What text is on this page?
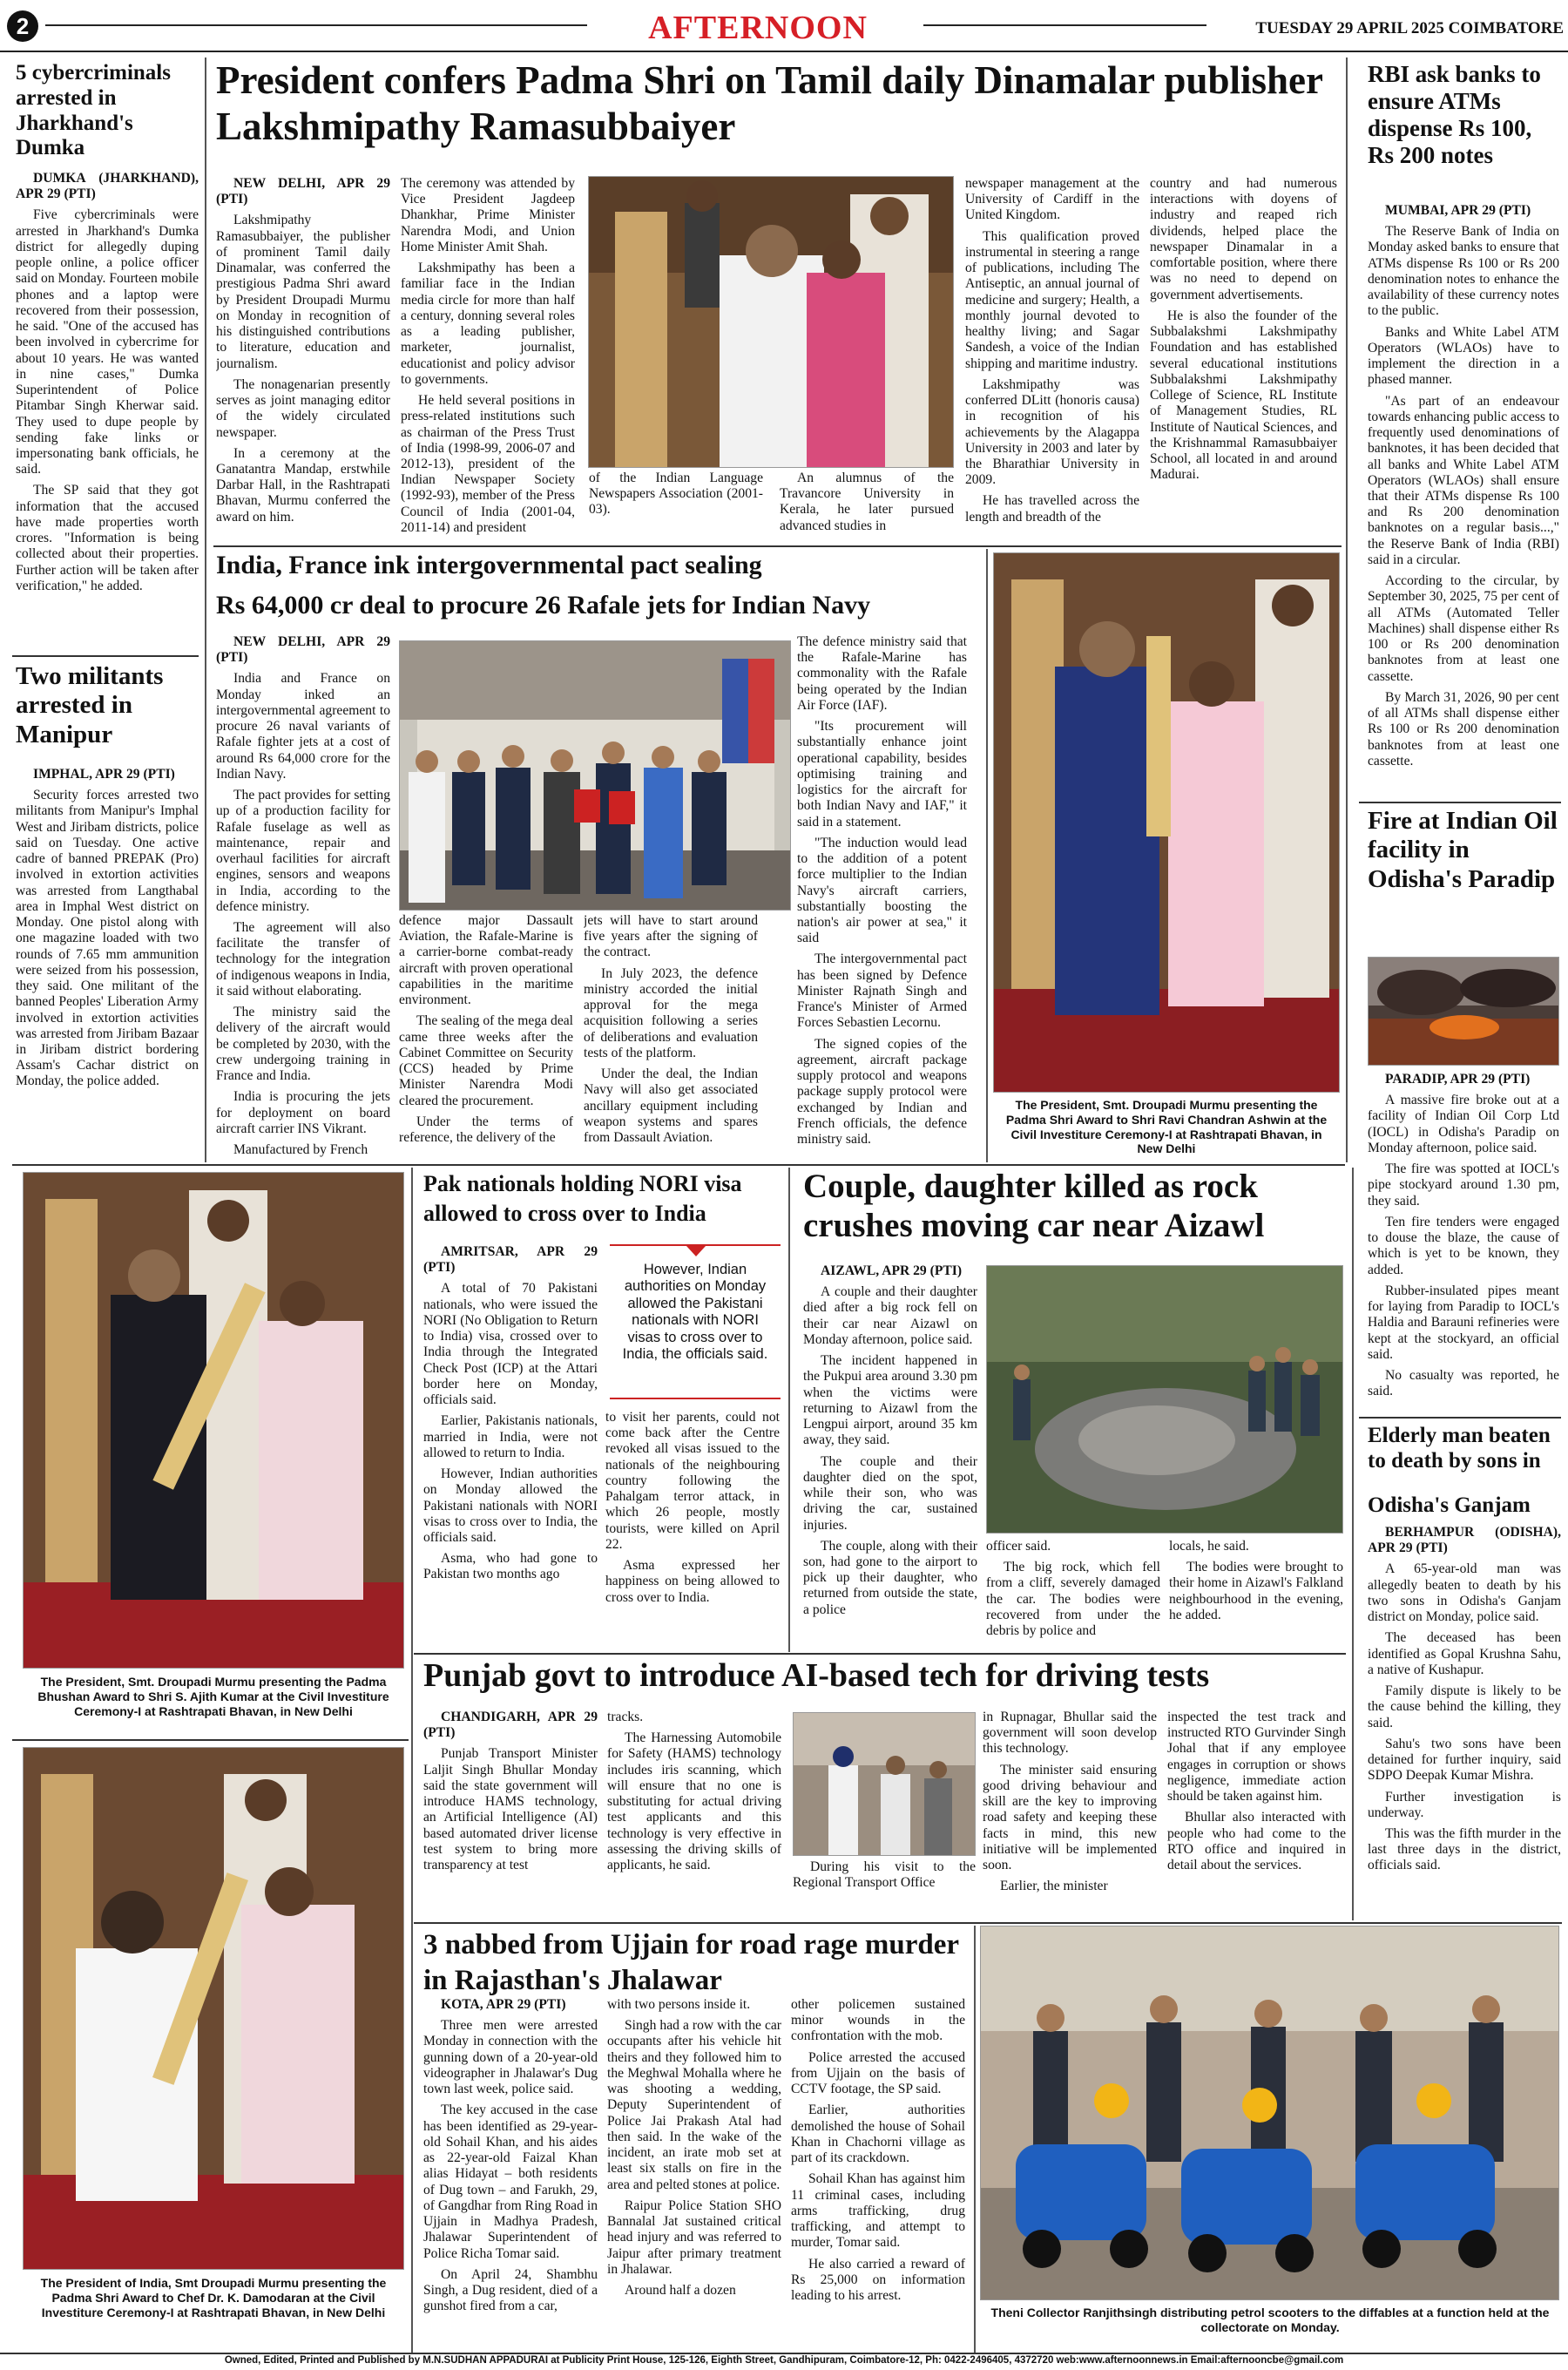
2	AFTERNOON	TUESDAY 29 APRIL 2025 COIMBATORE
5 cybercriminals arrested in Jharkhand's Dumka

DUMKA (JHARKHAND), APR 29 (PTI)

Five cybercriminals were arrested in Jharkhand's Dumka district for allegedly duping people online, a police officer said on Monday. Fourteen mobile phones and a laptop were recovered from their possession, he said. "One of the accused has been involved in cybercrime for about 10 years. He was wanted in nine cases," Dumka Superintendent of Police Pitambar Singh Kherwar said. They used to dupe people by sending fake links or impersonating bank officials, he said.

The SP said that they got information that the accused have made properties worth crores. "Information is being collected about their properties. Further action will be taken after verification," he added.

Two militants arrested in Manipur

IMPHAL, APR 29 (PTI)

Security forces arrested two militants from Manipur's Imphal West and Jiribam districts, police said on Tuesday. One active cadre of banned PREPAK (Pro) involved in extortion activities was arrested from Langthabal area in Imphal West district on Monday. One pistol along with one magazine loaded with two rounds of 7.65 mm ammunition were seized from his possession, they said. One militant of the banned Peoples' Liberation Army involved in extortion activities was arrested from Jiribam Bazaar in Jiribam district bordering Assam's Cachar district on Monday, the police added.

President confers Padma Shri on Tamil daily Dinamalar publisher Lakshmipathy Ramasubbaiyer

NEW DELHI, APR 29 (PTI)

Lakshmipathy Ramasubbaiyer, the publisher of prominent Tamil daily Dinamalar, was conferred the prestigious Padma Shri award by President Droupadi Murmu on Monday in recognition of his distinguished contributions to literature, education and journalism.

The nonagenarian presently serves as joint managing editor of the widely circulated newspaper.

In a ceremony at the Ganatantra Mandap, erstwhile Darbar Hall, in the Rashtrapati Bhavan, Murmu conferred the award on him.

The ceremony was attended by Vice President Jagdeep Dhankhar, Prime Minister Narendra Modi, and Union Home Minister Amit Shah.

Lakshmipathy has been a familiar face in the Indian media circle for more than half a century, donning several roles as a leading publisher, marketer, journalist, educationist and policy advisor to governments.

He held several positions in press-related institutions such as chairman of the Press Trust of India (1998-99, 2006-07 and 2012-13), president of the Indian Newspaper Society (1992-93), member of the Press Council of India (2001-04, 2011-14) and president

of the Indian Language Newspapers Association (2001-03).

An alumnus of the Travancore University in Kerala, he later pursued advanced studies in

newspaper management at the University of Cardiff in the United Kingdom.

This qualification proved instrumental in steering a range of publications, including The Antiseptic, an annual journal of medicine and surgery; Health, a monthly journal devoted to healthy living; and Sagar Sandesh, a voice of the Indian shipping and maritime industry.

Lakshmipathy was conferred DLitt (honoris causa) in recognition of his achievements by the Alagappa University in 2003 and later by the Bharathiar University in 2009.

He has travelled across the length and breadth of the

country and had numerous interactions with doyens of industry and reaped rich dividends, helped place the newspaper Dinamalar in a comfortable position, where there was no need to depend on government advertisements.

He is also the founder of the Subbalakshmi Lakshmipathy Foundation and has established several educational institutions Subbalakshmi Lakshmipathy College of Science, RL Institute of Management Studies, RL Institute of Nautical Sciences, and the Krishnammal Ramasubbaiyer School, all located in and around Madurai.

RBI ask banks to ensure ATMs dispense Rs 100, Rs 200 notes

MUMBAI, APR 29 (PTI)

The Reserve Bank of India on Monday asked banks to ensure that ATMs dispense Rs 100 or Rs 200 denomination notes to enhance the availability of these currency notes to the public.

Banks and White Label ATM Operators (WLAOs) have to implement the direction in a phased manner.

"As part of an endeavour towards enhancing public access to frequently used denominations of banknotes, it has been decided that all banks and White Label ATM Operators (WLAOs) shall ensure that their ATMs dispense Rs 100 and Rs 200 denomination banknotes on a regular basis...," the Reserve Bank of India (RBI) said in a circular.

According to the circular, by September 30, 2025, 75 per cent of all ATMs (Automated Teller Machines) shall dispense either Rs 100 or Rs 200 denomination banknotes from at least one cassette.

By March 31, 2026, 90 per cent of all ATMs shall dispense either Rs 100 or Rs 200 denomination banknotes from at least one cassette.

India, France ink intergovernmental pact sealing
Rs 64,000 cr deal to procure 26 Rafale jets for Indian Navy

NEW DELHI, APR 29 (PTI)

India and France on Monday inked an intergovernmental agreement to procure 26 naval variants of Rafale fighter jets at a cost of around Rs 64,000 crore for the Indian Navy.

The pact provides for setting up of a production facility for Rafale fuselage as well as maintenance, repair and overhaul facilities for aircraft engines, sensors and weapons in India, according to the defence ministry.

The agreement will also facilitate the transfer of technology for the integration of indigenous weapons in India, it said without elaborating.

The ministry said the delivery of the aircraft would be completed by 2030, with the crew undergoing training in France and India.

India is procuring the jets for deployment on board aircraft carrier INS Vikrant.

Manufactured by French

defence major Dassault Aviation, the Rafale-Marine is a carrier-borne combat-ready aircraft with proven operational capabilities in the maritime environment.

The sealing of the mega deal came three weeks after the Cabinet Committee on Security (CCS) headed by Prime Minister Narendra Modi cleared the procurement.

Under the terms of reference, the delivery of the

jets will have to start around five years after the signing of the contract.

In July 2023, the defence ministry accorded the initial approval for the mega acquisition following a series of deliberations and evaluation tests of the platform.

Under the deal, the Indian Navy will also get associated ancillary equipment including weapon systems and spares from Dassault Aviation.

The defence ministry said that the Rafale-Marine has commonality with the Rafale being operated by the Indian Air Force (IAF).

"Its procurement will substantially enhance joint operational capability, besides optimising training and logistics for the aircraft for both Indian Navy and IAF," it said in a statement.

"The induction would lead to the addition of a potent force multiplier to the Indian Navy's aircraft carriers, substantially boosting the nation's air power at sea," it said

The intergovernmental pact has been signed by Defence Minister Rajnath Singh and France's Minister of Armed Forces Sebastien Lecornu.

The signed copies of the agreement, aircraft package supply protocol and weapons package supply protocol were exchanged by Indian and French officials, the defence ministry said.

The President, Smt. Droupadi Murmu presenting the Padma Shri Award to Shri Ravi Chandran Ashwin at the Civil Investiture Ceremony-I at Rashtrapati Bhavan, in New Delhi
Fire at Indian Oil facility in Odisha's Paradip

PARADIP, APR 29 (PTI)

A massive fire broke out at a facility of Indian Oil Corp Ltd (IOCL) in Odisha's Paradip on Monday afternoon, police said.

The fire was spotted at IOCL's pipe stockyard around 1.30 pm, they said.

Ten fire tenders were engaged to douse the blaze, the cause of which is yet to be known, they added.

Rubber-insulated pipes meant for laying from Paradip to IOCL's Haldia and Barauni refineries were kept at the stockyard, an official said.

No casualty was reported, he said.

Elderly man beaten to death by sons in
Odisha's Ganjam

BERHAMPUR (ODISHA), APR 29 (PTI)

A 65-year-old man was allegedly beaten to death by his two sons in Odisha's Ganjam district on Monday, police said.

The deceased has been identified as Gopal Krushna Sahu, a native of Kushapur.

Family dispute is likely to be the cause behind the killing, they said.

Sahu's two sons have been detained for further inquiry, said SDPO Deepak Kumar Mishra.

Further investigation is underway.

This was the fifth murder in the last three days in the district, officials said.

The President, Smt. Droupadi Murmu presenting the Padma Bhushan Award to Shri S. Ajith Kumar at the Civil Investiture Ceremony-I at Rashtrapati Bhavan, in New Delhi
The President of India, Smt Droupadi Murmu presenting the Padma Shri Award to Chef Dr. K. Damodaran at the Civil Investiture Ceremony-I at Rashtrapati Bhavan, in New Delhi
Pak nationals holding NORI visa allowed to cross over to India

AMRITSAR, APR 29 (PTI)

A total of 70 Pakistani nationals, who were issued the NORI (No Obligation to Return to India) visa, crossed over to India through the Integrated Check Post (ICP) at the Attari border here on Monday, officials said.

Earlier, Pakistanis nationals, married in India, were not allowed to return to India.

However, Indian authorities on Monday allowed the Pakistani nationals with NORI visas to cross over to India, the officials said.

Asma, who had gone to Pakistan two months ago

However, Indian authorities on Monday allowed the Pakistani nationals with NORI visas to cross over to India, the officials said.

to visit her parents, could not come back after the Centre revoked all visas issued to the nationals of the neighbouring country following the Pahalgam terror attack, in which 26 people, mostly tourists, were killed on April 22.

Asma expressed her happiness on being allowed to cross over to India.

Couple, daughter killed as rock crushes moving car near Aizawl

AIZAWL, APR 29 (PTI)

A couple and their daughter died after a big rock fell on their car near Aizawl on Monday afternoon, police said.

The incident happened in the Pukpui area around 3.30 pm when the victims were returning to Aizawl from the Lengpui airport, around 35 km away, they said.

The couple and their daughter died on the spot, while their son, who was driving the car, sustained injuries.

The couple, along with their son, had gone to the airport to pick up their daughter, who returned from outside the state, a police

officer said.

The big rock, which fell from a cliff, severely damaged the car. The bodies were recovered from under the debris by police and

locals, he said.

The bodies were brought to their home in Aizawl's Falkland neighbourhood in the evening, he added.

Punjab govt to introduce AI-based tech for driving tests

CHANDIGARH, APR 29 (PTI)

Punjab Transport Minister Laljit Singh Bhullar Monday said the state government will introduce HAMS technology, an Artificial Intelligence (AI) based automated driver license test system to bring more transparency at test

tracks.

The Harnessing Automobile for Safety (HAMS) technology includes iris scanning, which will ensure that no one is substituting for actual driving test applicants and this technology is very effective in assessing the driving skills of applicants, he said.	During his visit to the Regional Transport Office

in Rupnagar, Bhullar said the government will soon develop this technology.

The minister said ensuring good driving behaviour and skill are the key to improving road safety and keeping these facts in mind, this new initiative will be implemented soon.

Earlier, the minister

inspected the test track and instructed RTO Gurvinder Singh Johal that if any employee engages in corruption or shows negligence, immediate action should be taken against him.

Bhullar also interacted with people who had come to the RTO office and inquired in detail about the services.

3 nabbed from Ujjain for road rage murder in Rajasthan's Jhalawar

KOTA, APR 29 (PTI)

Three men were arrested Monday in connection with the gunning down of a 20-year-old videographer in Jhalawar's Dug town last week, police said.

The key accused in the case has been identified as 29-year-old Sohail Khan, and his aides as 22-year-old Faizal Khan alias Hidayat – both residents of Dug town – and Farukh, 29, of Gangdhar from Ring Road in Ujjain in Madhya Pradesh, Jhalawar Superintendent of Police Richa Tomar said.

On April 24, Shambhu Singh, a Dug resident, died of a gunshot fired from a car,

with two persons inside it.

Singh had a row with the car occupants after his vehicle hit theirs and they followed him to the Meghwal Mohalla where he was shooting a wedding, Deputy Superintendent of Police Jai Prakash Atal had then said. In the wake of the incident, an irate mob set at least six stalls on fire in the area and pelted stones at police.

Raipur Police Station SHO Bannalal Jat sustained critical head injury and was referred to Jaipur after primary treatment in Jhalawar.

Around half a dozen

other policemen sustained minor wounds in the confrontation with the mob.

Police arrested the accused from Ujjain on the basis of CCTV footage, the SP said.

Earlier, authorities demolished the house of Sohail Khan in Chachorni village as part of its crackdown.

Sohail Khan has against him 11 criminal cases, including arms trafficking, drug trafficking, and attempt to murder, Tomar said.

He also carried a reward of Rs 25,000 on information leading to his arrest.

Theni Collector Ranjithsingh distributing petrol scooters to the diffables at a function held at the collectorate on Monday.
Owned, Edited, Printed and Published by M.N.SUDHAN APPADURAI at Publicity Print House, 125-126, Eighth Street, Gandhipuram, Coimbatore-12, Ph: 0422-2496405, 4372720 web:www.afternoonnews.in Email:afternooncbe@gmail.com
